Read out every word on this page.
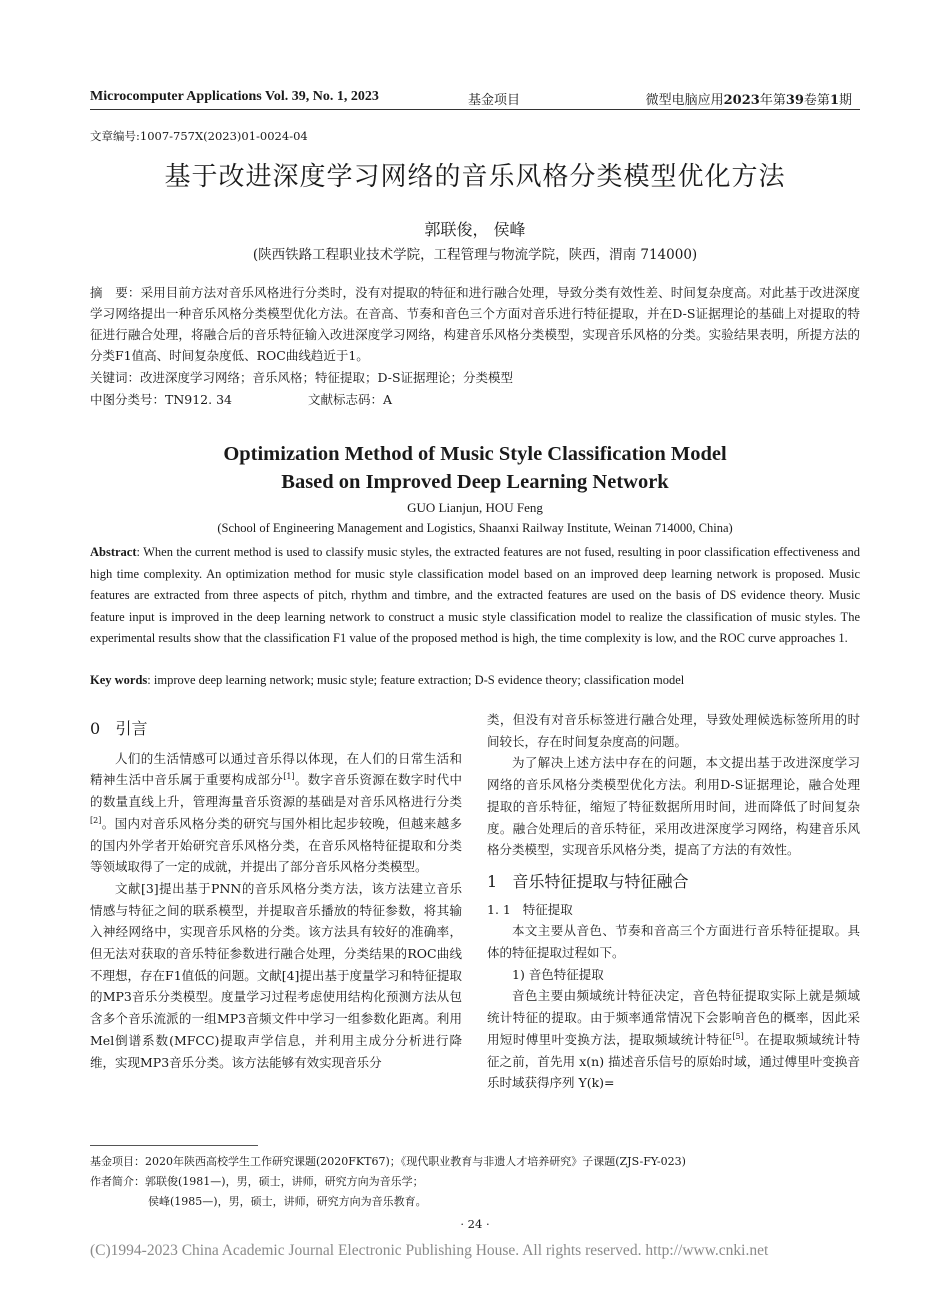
Microcomputer Applications Vol. 39, No. 1, 2023	基金项目	微型电脑应用2023年第39卷第1期
文章编号:1007-757X(2023)01-0024-04
基于改进深度学习网络的音乐风格分类模型优化方法
郭联俊， 侯峰
(陕西铁路工程职业技术学院，工程管理与物流学院，陕西，渭南 714000)
摘　要：采用目前方法对音乐风格进行分类时，没有对提取的特征和进行融合处理，导致分类有效性差、时间复杂度高。对此基于改进深度学习网络提出一种音乐风格分类模型优化方法。在音高、节奏和音色三个方面对音乐进行特征提取，并在D-S证据理论的基础上对提取的特征进行融合处理，将融合后的音乐特征输入改进深度学习网络，构建音乐风格分类模型，实现音乐风格的分类。实验结果表明，所提方法的分类F1值高、时间复杂度低、ROC曲线趋近于1。
关键词：改进深度学习网络；音乐风格；特征提取；D-S证据理论；分类模型
中图分类号：TN912. 34	文献标志码：A
Optimization Method of Music Style Classification Model
Based on Improved Deep Learning Network
GUO Lianjun, HOU Feng
(School of Engineering Management and Logistics, Shaanxi Railway Institute, Weinan 714000, China)
Abstract: When the current method is used to classify music styles, the extracted features are not fused, resulting in poor classification effectiveness and high time complexity. An optimization method for music style classification model based on an improved deep learning network is proposed. Music features are extracted from three aspects of pitch, rhythm and timbre, and the extracted features are used on the basis of DS evidence theory. Music feature input is improved in the deep learning network to construct a music style classification model to realize the classification of music styles. The experimental results show that the classification F1 value of the proposed method is high, the time complexity is low, and the ROC curve approaches 1.
Key words: improve deep learning network; music style; feature extraction; D-S evidence theory; classification model
0 引言

人们的生活情感可以通过音乐得以体现，在人们的日常生活和精神生活中音乐属于重要构成部分[1]。数字音乐资源在数字时代中的数量直线上升，管理海量音乐资源的基础是对音乐风格进行分类[2]。国内对音乐风格分类的研究与国外相比起步较晚，但越来越多的国内外学者开始研究音乐风格分类，在音乐风格特征提取和分类等领域取得了一定的成就，并提出了部分音乐风格分类模型。

文献[3]提出基于PNN的音乐风格分类方法，该方法建立音乐情感与特征之间的联系模型，并提取音乐播放的特征参数，将其输入神经网络中，实现音乐风格的分类。该方法具有较好的准确率，但无法对获取的音乐特征参数进行融合处理，分类结果的ROC曲线不理想，存在F1值低的问题。文献[4]提出基于度量学习和特征提取的MP3音乐分类模型。度量学习过程考虑使用结构化预测方法从包含多个音乐流派的一组MP3音频文件中学习一组参数化距离。利用Mel倒谱系数(MFCC)提取声学信息，并利用主成分分析进行降维，实现MP3音乐分类。该方法能够有效实现音乐分

类，但没有对音乐标签进行融合处理，导致处理候选标签所用的时间较长，存在时间复杂度高的问题。

为了解决上述方法中存在的问题，本文提出基于改进深度学习网络的音乐风格分类模型优化方法。利用D-S证据理论，融合处理提取的音乐特征，缩短了特征数据所用时间，进而降低了时间复杂度。融合处理后的音乐特征，采用改进深度学习网络，构建音乐风格分类模型，实现音乐风格分类，提高了方法的有效性。

1 音乐特征提取与特征融合
1. 1 特征提取

本文主要从音色、节奏和音高三个方面进行音乐特征提取。具体的特征提取过程如下。

1) 音色特征提取

音色主要由频域统计特征决定，音色特征提取实际上就是频域统计特征的提取。由于频率通常情况下会影响音色的概率，因此采用短时傅里叶变换方法，提取频域统计特征[5]。在提取频域统计特征之前，首先用 x(n) 描述音乐信号的原始时域，通过傅里叶变换音乐时域获得序列 Y(k)=

基金项目：2020年陕西高校学生工作研究课题(2020FKT67)；《现代职业教育与非遗人才培养研究》子课题(ZJS-FY-023)
作者简介：郭联俊(1981—)，男，硕士，讲师，研究方向为音乐学；
侯峰(1985—)，男，硕士，讲师，研究方向为音乐教育。
· 24 ·
(C)1994-2023 China Academic Journal Electronic Publishing House. All rights reserved. http://www.cnki.net
